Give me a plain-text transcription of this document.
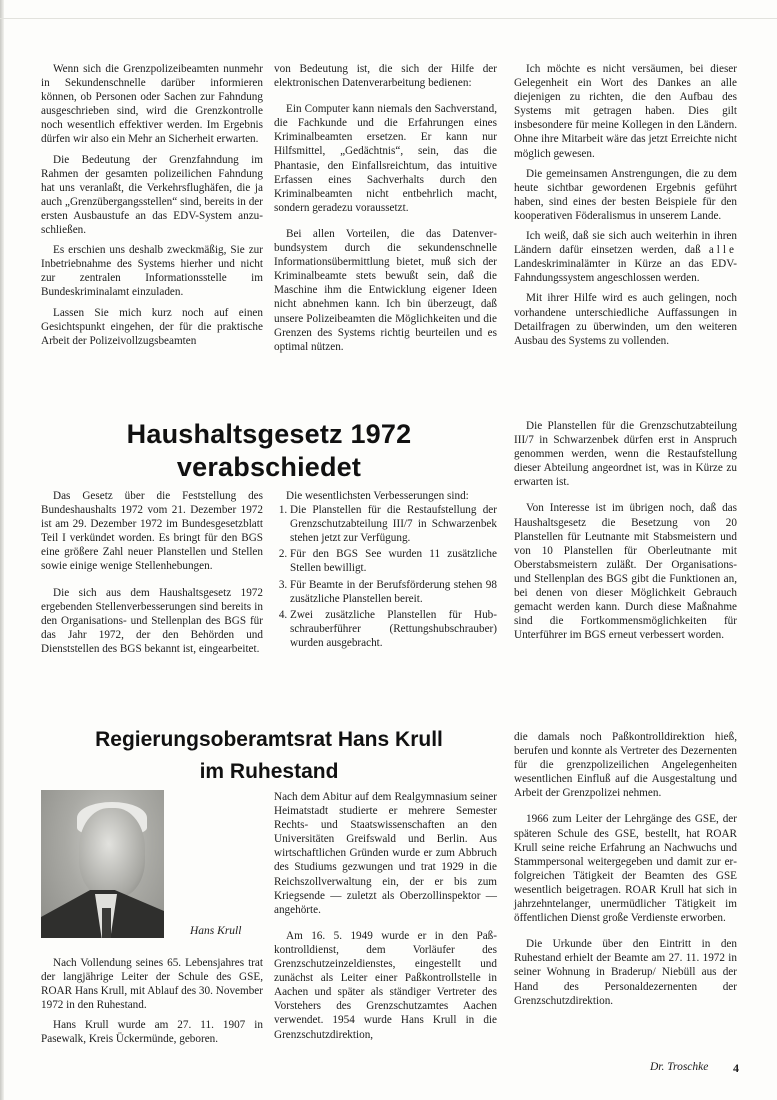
Wenn sich die Grenzpolizeibeamten nunmehr in Sekundenschnelle darüber informieren können, ob Personen oder Sachen zur Fahndung ausgeschrieben sind, wird die Grenzkontrolle noch wesentlich effektiver werden. Im Ergebnis dürfen wir also ein Mehr an Sicherheit erwarten.

Die Bedeutung der Grenzfahndung im Rahmen der gesamten polizeilichen Fahndung hat uns veranlaßt, die Verkehrsflughäfen, die ja auch „Grenzübergangsstellen“ sind, bereits in der ersten Ausbaustufe an das EDV-System anzuschließen.

Es erschien uns deshalb zweckmäßig, Sie zur Inbetriebnahme des Systems hierher und nicht zur zentralen Informationsstelle im Bundeskriminalamt einzuladen.

Lassen Sie mich kurz noch auf einen Gesichtspunkt eingehen, der für die praktische Arbeit der Polizeivollzugsbeamten

von Bedeutung ist, die sich der Hilfe der elektronischen Datenverarbeitung bedienen:

Ein Computer kann niemals den Sachverstand, die Fachkunde und die Erfahrungen eines Kriminalbeamten ersetzen. Er kann nur Hilfsmittel, „Gedächtnis“, sein, das die Phantasie, den Einfallsreichtum, das intuitive Erfassen eines Sachverhalts durch den Kriminalbeamten nicht entbehrlich macht, sondern geradezu voraussetzt.

Bei allen Vorteilen, die das Datenverbundsystem durch die sekundenschnelle Informationsübermittlung bietet, muß sich der Kriminalbeamte stets bewußt sein, daß die Maschine ihm die Entwicklung eigener Ideen nicht abnehmen kann. Ich bin überzeugt, daß unsere Polizeibeamten die Möglichkeiten und die Grenzen des Systems richtig beurteilen und es optimal nützen.

Ich möchte es nicht versäumen, bei dieser Gelegenheit ein Wort des Dankes an alle diejenigen zu richten, die den Aufbau des Systems mit getragen haben. Dies gilt insbesondere für meine Kollegen in den Ländern. Ohne ihre Mitarbeit wäre das jetzt Erreichte nicht möglich gewesen.

Die gemeinsamen Anstrengungen, die zu dem heute sichtbar gewordenen Ergebnis geführt haben, sind eines der besten Beispiele für den kooperativen Föderalismus in unserem Lande.

Ich weiß, daß sie sich auch weiterhin in ihren Ländern dafür einsetzen werden, daß alle Landeskriminalämter in Kürze an das EDV-Fahndungssystem angeschlossen werden.

Mit ihrer Hilfe wird es auch gelingen, noch vorhandene unterschiedliche Auffassungen in Detailfragen zu überwinden, um den weiteren Ausbau des Systems zu vollenden.

Haushaltsgesetz 1972
verabschiedet

Das Gesetz über die Feststellung des Bundeshaushalts 1972 vom 21. Dezember 1972 ist am 29. Dezember 1972 im Bundesgesetzblatt Teil I verkündet worden. Es bringt für den BGS eine größere Zahl neuer Planstellen und Stellen sowie einige wenige Stellenhebungen.

Die sich aus dem Haushaltsgesetz 1972 ergebenden Stellenverbesserungen sind bereits in den Organisations- und Stellenplan des BGS für das Jahr 1972, der den Behörden und Dienststellen des BGS bekannt ist, eingearbeitet.

Die wesentlichsten Verbesserungen sind:

1. Die Planstellen für die Restaufstellung der Grenzschutzabteilung III/7 in Schwarzenbek stehen jetzt zur Verfügung.
2. Für den BGS See wurden 11 zusätzliche Stellen bewilligt.
3. Für Beamte in der Berufsförderung stehen 98 zusätzliche Planstellen bereit.
4. Zwei zusätzliche Planstellen für Hubschrauberführer (Rettungshubschrauber) wurden ausgebracht.

Die Planstellen für die Grenzschutzabteilung III/7 in Schwarzenbek dürfen erst in Anspruch genommen werden, wenn die Restaufstellung dieser Abteilung angeordnet ist, was in Kürze zu erwarten ist.

Von Interesse ist im übrigen noch, daß das Haushaltsgesetz die Besetzung von 20 Planstellen für Leutnante mit Stabsmeistern und von 10 Planstellen für Oberleutnante mit Oberstabsmeistern zuläßt. Der Organisations- und Stellenplan des BGS gibt die Funktionen an, bei denen von dieser Möglichkeit Gebrauch gemacht werden kann. Durch diese Maßnahme sind die Fortkommensmöglichkeiten für Unterführer im BGS erneut verbessert worden.

Regierungsoberamtsrat Hans Krull
im Ruhestand
Hans Krull

Nach Vollendung seines 65. Lebensjahres trat der langjährige Leiter der Schule des GSE, ROAR Hans Krull, mit Ablauf des 30. November 1972 in den Ruhestand.

Hans Krull wurde am 27. 11. 1907 in Pasewalk, Kreis Ückermünde, geboren.

Nach dem Abitur auf dem Realgymnasium seiner Heimatstadt studierte er mehrere Semester Rechts- und Staatswissenschaften an den Universitäten Greifswald und Berlin. Aus wirtschaftlichen Gründen wurde er zum Abbruch des Studiums gezwungen und trat 1929 in die Reichszollverwaltung ein, der er bis zum Kriegsende — zuletzt als Oberzollinspektor — angehörte.

Am 16. 5. 1949 wurde er in den Paßkontrolldienst, dem Vorläufer des Grenzschutzeinzeldienstes, eingestellt und zunächst als Leiter einer Paßkontrollstelle in Aachen und später als ständiger Vertreter des Vorstehers des Grenzschutzamtes Aachen verwendet. 1954 wurde Hans Krull in die Grenzschutzdirektion,

die damals noch Paßkontrolldirektion hieß, berufen und konnte als Vertreter des Dezernenten für die grenzpolizeilichen Angelegenheiten wesentlichen Einfluß auf die Ausgestaltung und Arbeit der Grenzpolizei nehmen.

1966 zum Leiter der Lehrgänge des GSE, der späteren Schule des GSE, bestellt, hat ROAR Krull seine reiche Erfahrung an Nachwuchs und Stammpersonal weitergegeben und damit zur erfolgreichen Tätigkeit der Beamten des GSE wesentlich beigetragen. ROAR Krull hat sich in jahrzehntelanger, unermüdlicher Tätigkeit im öffentlichen Dienst große Verdienste erworben.

Die Urkunde über den Eintritt in den Ruhestand erhielt der Beamte am 27. 11. 1972 in seiner Wohnung in Braderup/ Niebüll aus der Hand des Personaldezernenten der Grenzschutzdirektion.

Dr. Troschke 4
